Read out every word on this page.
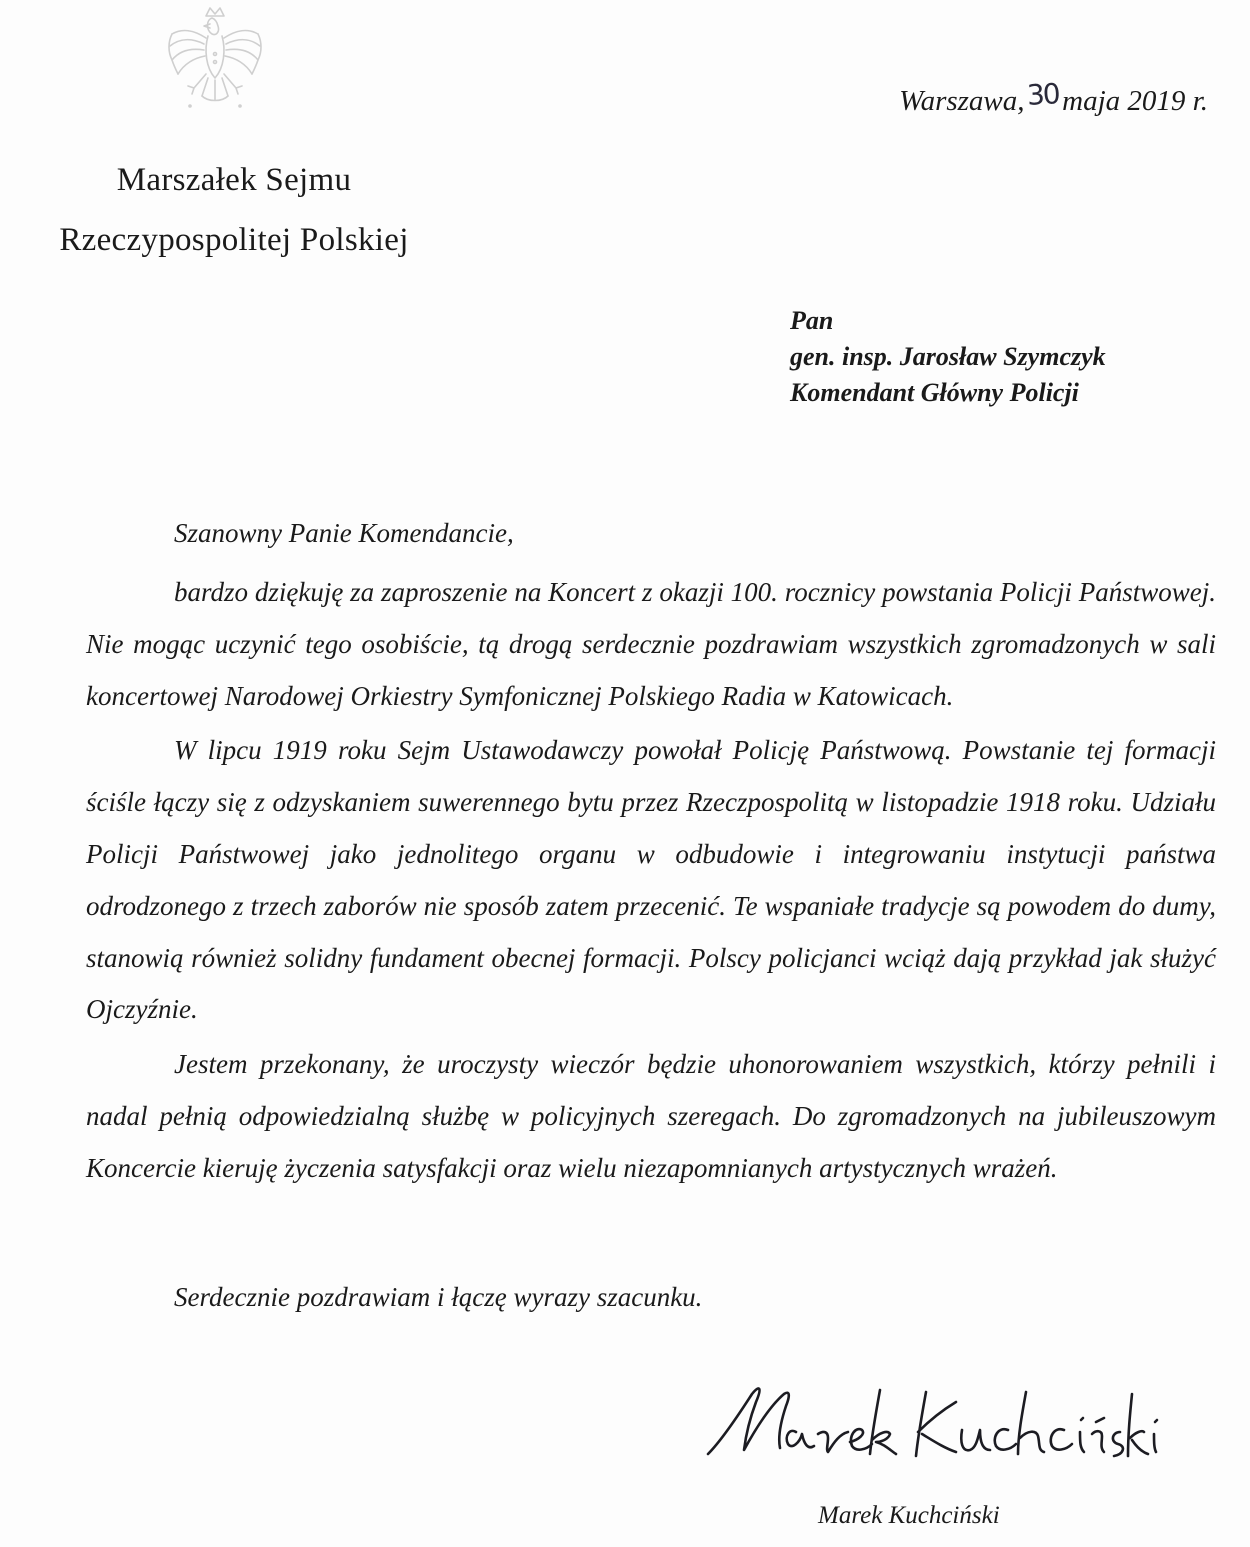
Warszawa,30 maja 2019 r.
Marszałek Sejmu
Rzeczypospolitej Polskiej
Pan
gen. insp. Jarosław Szymczyk
Komendant Główny Policji
Szanowny Panie Komendancie,

bardzo dziękuję za zaproszenie na Koncert z okazji 100. rocznicy powstania Policji Państwowej. Nie mogąc uczynić tego osobiście, tą drogą serdecznie pozdrawiam wszystkich zgromadzonych w sali koncertowej Narodowej Orkiestry Symfonicznej Polskiego Radia w Katowicach.

W lipcu 1919 roku Sejm Ustawodawczy powołał Policję Państwową. Powstanie tej formacji ściśle łączy się z odzyskaniem suwerennego bytu przez Rzeczpospolitą w listopadzie 1918 roku. Udziału Policji Państwowej jako jednolitego organu w odbudowie i integrowaniu instytucji państwa odrodzonego z trzech zaborów nie sposób zatem przecenić. Te wspaniałe tradycje są powodem do dumy, stanowią również solidny fundament obecnej formacji. Polscy policjanci wciąż dają przykład jak służyć Ojczyźnie.

Jestem przekonany, że uroczysty wieczór będzie uhonorowaniem wszystkich, którzy pełnili i nadal pełnią odpowiedzialną służbę w policyjnych szeregach. Do zgromadzonych na jubileuszowym Koncercie kieruję życzenia satysfakcji oraz wielu niezapomnianych artystycznych wrażeń.

Serdecznie pozdrawiam i łączę wyrazy szacunku.
Marek Kuchciński
